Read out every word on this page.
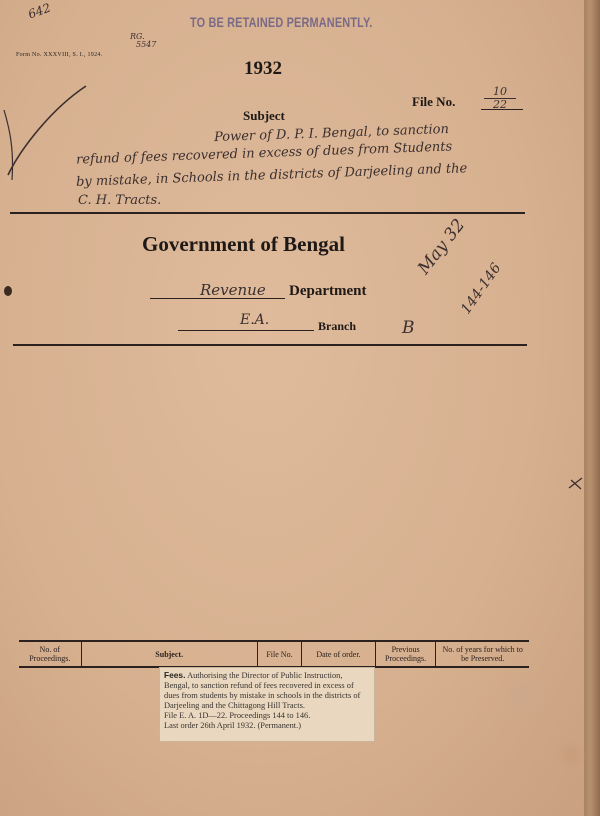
TO BE RETAINED PERMANENTLY.
642
RG.
5547
Form No. XXXVIII, S. I., 1924.
1932
Subject
File No.	$\frac{10}{22}$
Power of D. P. I. Bengal, to sanction
refund of fees recovered in excess of dues from Students
by mistake, in Schools in the districts of Darjeeling and the
C. H. Tracts.
Government of Bengal
Revenue Department
E.A.	Branch	B
May 32
144-146
No. of Proceedings.	Subject.	File No.	Date of order.	Previous Proceedings.	No. of years for which to be Preserved.
Fees. Authorising the Director of Public Instruction, Bengal, to sanction refund of fees recovered in excess of dues from students by mistake in schools in the districts of Darjeeling and the Chittagong Hill Tracts.
File E. A. 1D—22. Proceedings 144 to 146.
Last order 26th April 1932. (Permanent.)
